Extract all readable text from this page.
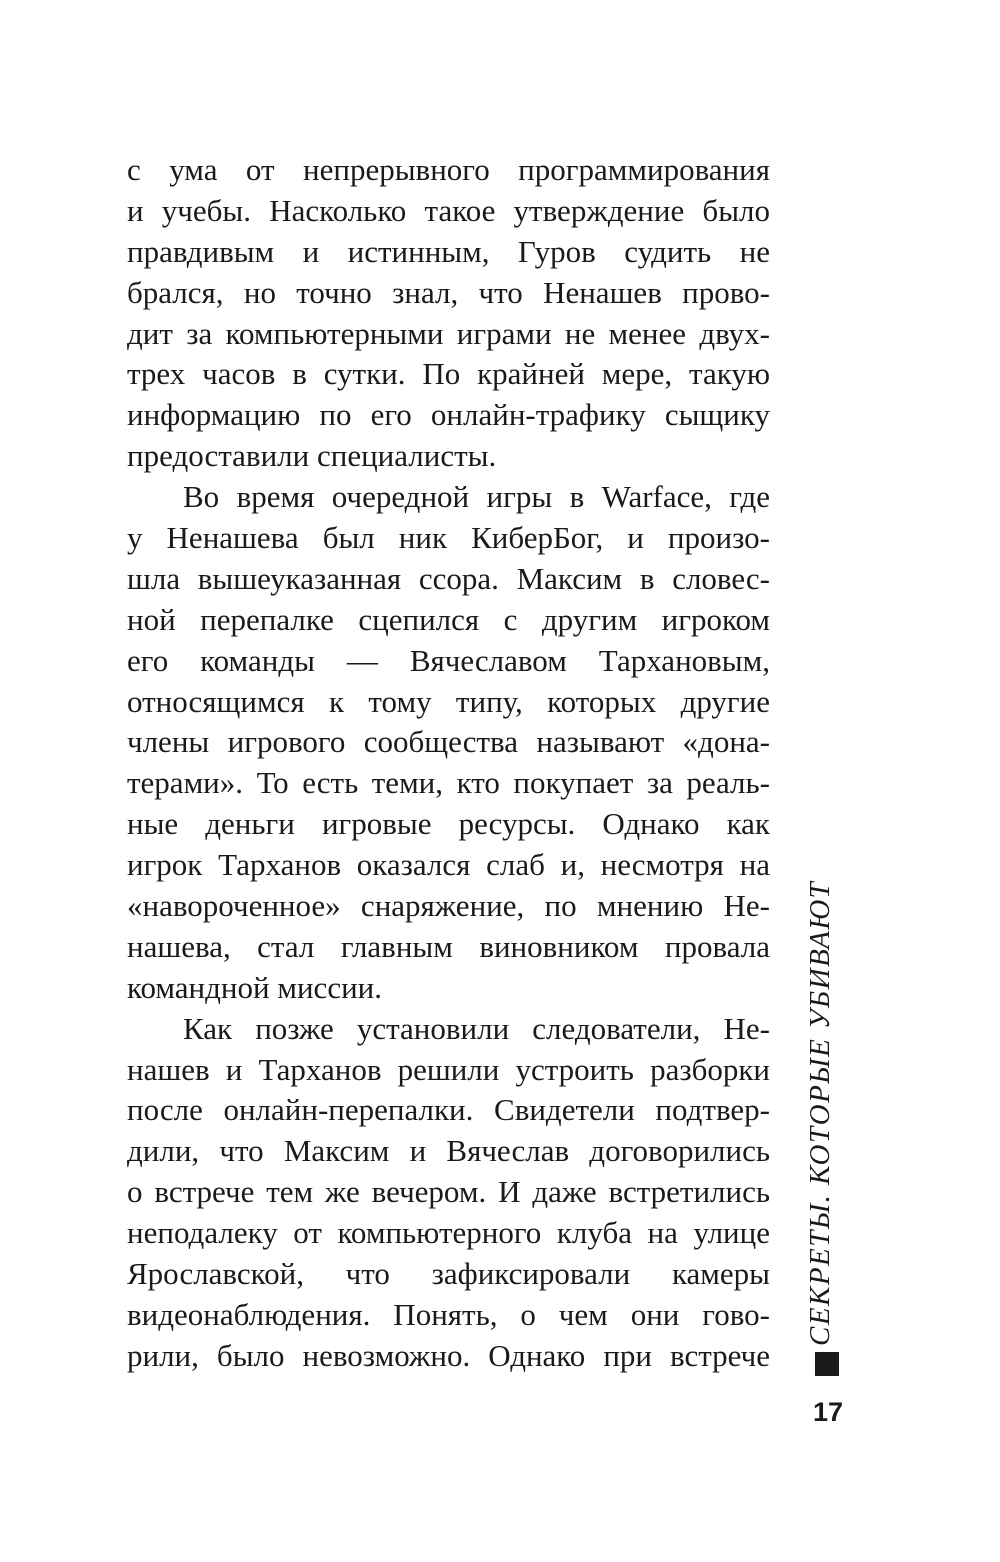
с ума от непрерывного программирования
и учебы. Насколько такое утверждение было
правдивым и истинным, Гуров судить не
брался, но точно знал, что Ненашев прово-
дит за компьютерными играми не менее двух-
трех часов в сутки. По крайней мере, такую
информацию по его онлайн-трафику сыщику
предоставили специалисты.
Во время очередной игры в Warface, где
у Ненашева был ник КиберБог, и произо-
шла вышеуказанная ссора. Максим в словес-
ной перепалке сцепился с другим игроком
его команды — Вячеславом Тархановым,
относящимся к тому типу, которых другие
члены игрового сообщества называют «дона-
терами». То есть теми, кто покупает за реаль-
ные деньги игровые ресурсы. Однако как
игрок Тарханов оказался слаб и, несмотря на
«навороченное» снаряжение, по мнению Не-
нашева, стал главным виновником провала
командной миссии.
Как позже установили следователи, Не-
нашев и Тарханов решили устроить разборки
после онлайн-перепалки. Свидетели подтвер-
дили, что Максим и Вячеслав договорились
о встрече тем же вечером. И даже встретились
неподалеку от компьютерного клуба на улице
Ярославской, что зафиксировали камеры
видеонаблюдения. Понять, о чем они гово-
рили, было невозможно. Однако при встрече
СЕКРЕТЫ. КОТОРЫЕ УБИВАЮТ
17
